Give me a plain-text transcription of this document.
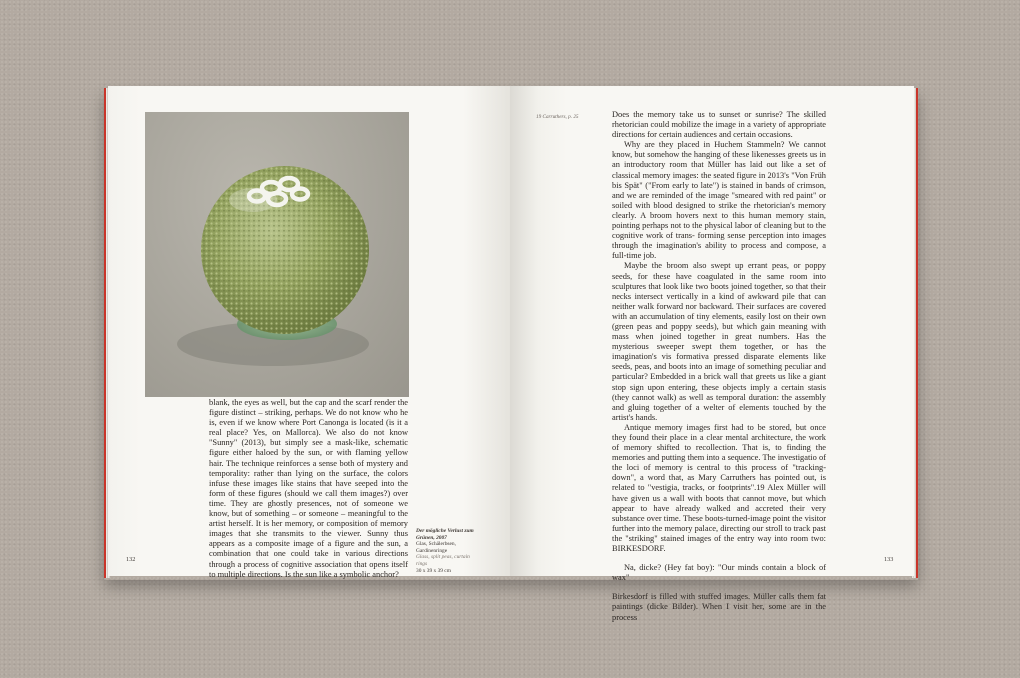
blank, the eyes as well, but the cap and the scarf render the figure distinct – striking, perhaps. We do not know who he is, even if we know where Port Canonga is located (is it a real place? Yes, on Mallorca). We also do not know "Sunny" (2013), but simply see a mask-like, schematic figure either haloed by the sun, or with flaming yellow hair. The technique reinforces a sense both of mystery and temporality: rather than lying on the surface, the colors infuse these images like stains that have seeped into the form of these figures (should we call them images?) over time. They are ghostly presences, not of someone we know, but of something – or someone – meaningful to the artist herself. It is her memory, or composition of memory images that she transmits to the viewer. Sunny thus appears as a composite image of a figure and the sun, a combination that one could take in various directions through a process of cognitive association that opens itself to multiple directions. Is the sun like a symbolic anchor?

Der mögliche Verlust zum Grünen, 2007
Glas, Schälerbsen, Gardinenringe
Glass, split peas, curtain rings
30 x 39 x 39 cm
132
19 Carruthers, p. 25	Does the memory take us to sunset or sunrise? The skilled rhetorician could mobilize the image in a variety of appropriate directions for certain audiences and certain occasions.

Why are they placed in Huchem Stammeln? We cannot know, but somehow the hanging of these likenesses greets us in an introductory room that Müller has laid out like a set of classical memory images: the seated figure in 2013's "Von Früh bis Spät" ("From early to late") is stained in bands of crimson, and we are reminded of the image "smeared with red paint" or soiled with blood designed to strike the rhetorician's memory clearly. A broom hovers next to this human memory stain, pointing perhaps not to the physical labor of cleaning but to the cognitive work of trans- forming sense perception into images through the imagination's ability to process and compose, a full-time job.

Maybe the broom also swept up errant peas, or poppy seeds, for these have coagulated in the same room into sculptures that look like two boots joined together, so that their necks intersect vertically in a kind of awkward pile that can neither walk forward nor backward. Their surfaces are covered with an accumulation of tiny elements, easily lost on their own (green peas and poppy seeds), but which gain meaning with mass when joined together in great numbers. Has the mysterious sweeper swept them together, or has the imagination's vis formativa pressed disparate elements like seeds, peas, and boots into an image of something peculiar and particular? Embedded in a brick wall that greets us like a giant stop sign upon entering, these objects imply a certain stasis (they cannot walk) as well as temporal duration: the assembly and gluing together of a welter of elements touched by the artist's hands.

Antique memory images first had to be stored, but once they found their place in a clear mental architecture, the work of memory shifted to recollection. That is, to finding the memories and putting them into a sequence. The investigatio of the loci of memory is central to this process of "tracking-down", a word that, as Mary Carruthers has pointed out, is related to "vestigia, tracks, or footprints".19 Alex Müller will have given us a wall with boots that cannot move, but which appear to have already walked and accreted their very substance over time. These boots-turned-image point the visitor further into the memory palace, directing our stroll to track past the "striking" stained images of the entry way into room two: BIRKESDORF.

Na, dicke? (Hey fat boy): "Our minds contain a block of wax"

Birkesdorf is filled with stuffed images. Müller calls them fat paintings (dicke Bilder). When I visit her, some are in the process

133
